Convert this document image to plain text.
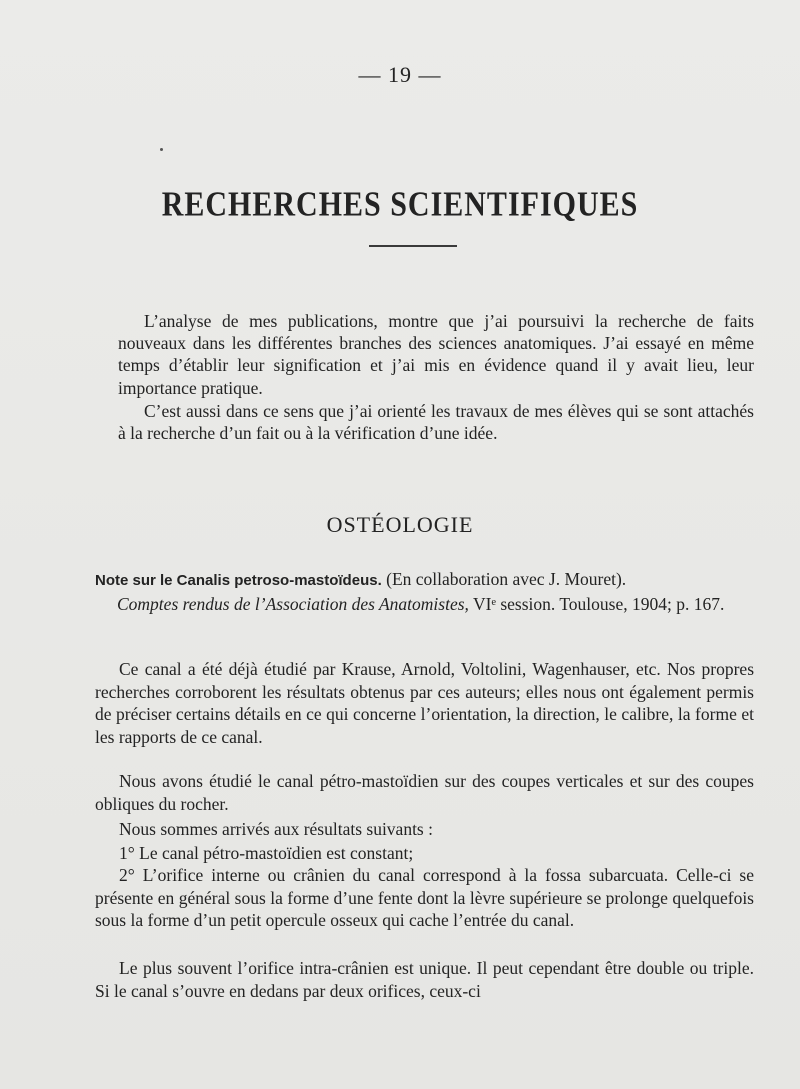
— 19 —
RECHERCHES SCIENTIFIQUES
L’analyse de mes publications, montre que j’ai poursuivi la recherche de faits nouveaux dans les différentes branches des sciences anatomiques. J’ai essayé en même temps d’établir leur signification et j’ai mis en évidence quand il y avait lieu, leur importance pratique.
C’est aussi dans ce sens que j’ai orienté les travaux de mes élèves qui se sont attachés à la recherche d’un fait ou à la vérification d’une idée.
OSTÉOLOGIE
Note sur le Canalis petroso-mastoïdeus. (En collaboration avec J. Mouret).
Comptes rendus de l’Association des Anatomistes, VIᵉ session. Toulouse, 1904; p. 167.
Ce canal a été déjà étudié par Krause, Arnold, Voltolini, Wagenhauser, etc. Nos propres recherches corroborent les résultats obtenus par ces auteurs; elles nous ont également permis de préciser certains détails en ce qui concerne l’orientation, la direction, le calibre, la forme et les rapports de ce canal.
Nous avons étudié le canal pétro-mastoïdien sur des coupes verticales et sur des coupes obliques du rocher.
Nous sommes arrivés aux résultats suivants :
1° Le canal pétro-mastoïdien est constant;
2° L’orifice interne ou crânien du canal correspond à la fossa subarcuata. Celle-ci se présente en général sous la forme d’une fente dont la lèvre supérieure se prolonge quelquefois sous la forme d’un petit opercule osseux qui cache l’entrée du canal.
Le plus souvent l’orifice intra-crânien est unique. Il peut cependant être double ou triple. Si le canal s’ouvre en dedans par deux orifices, ceux-ci
